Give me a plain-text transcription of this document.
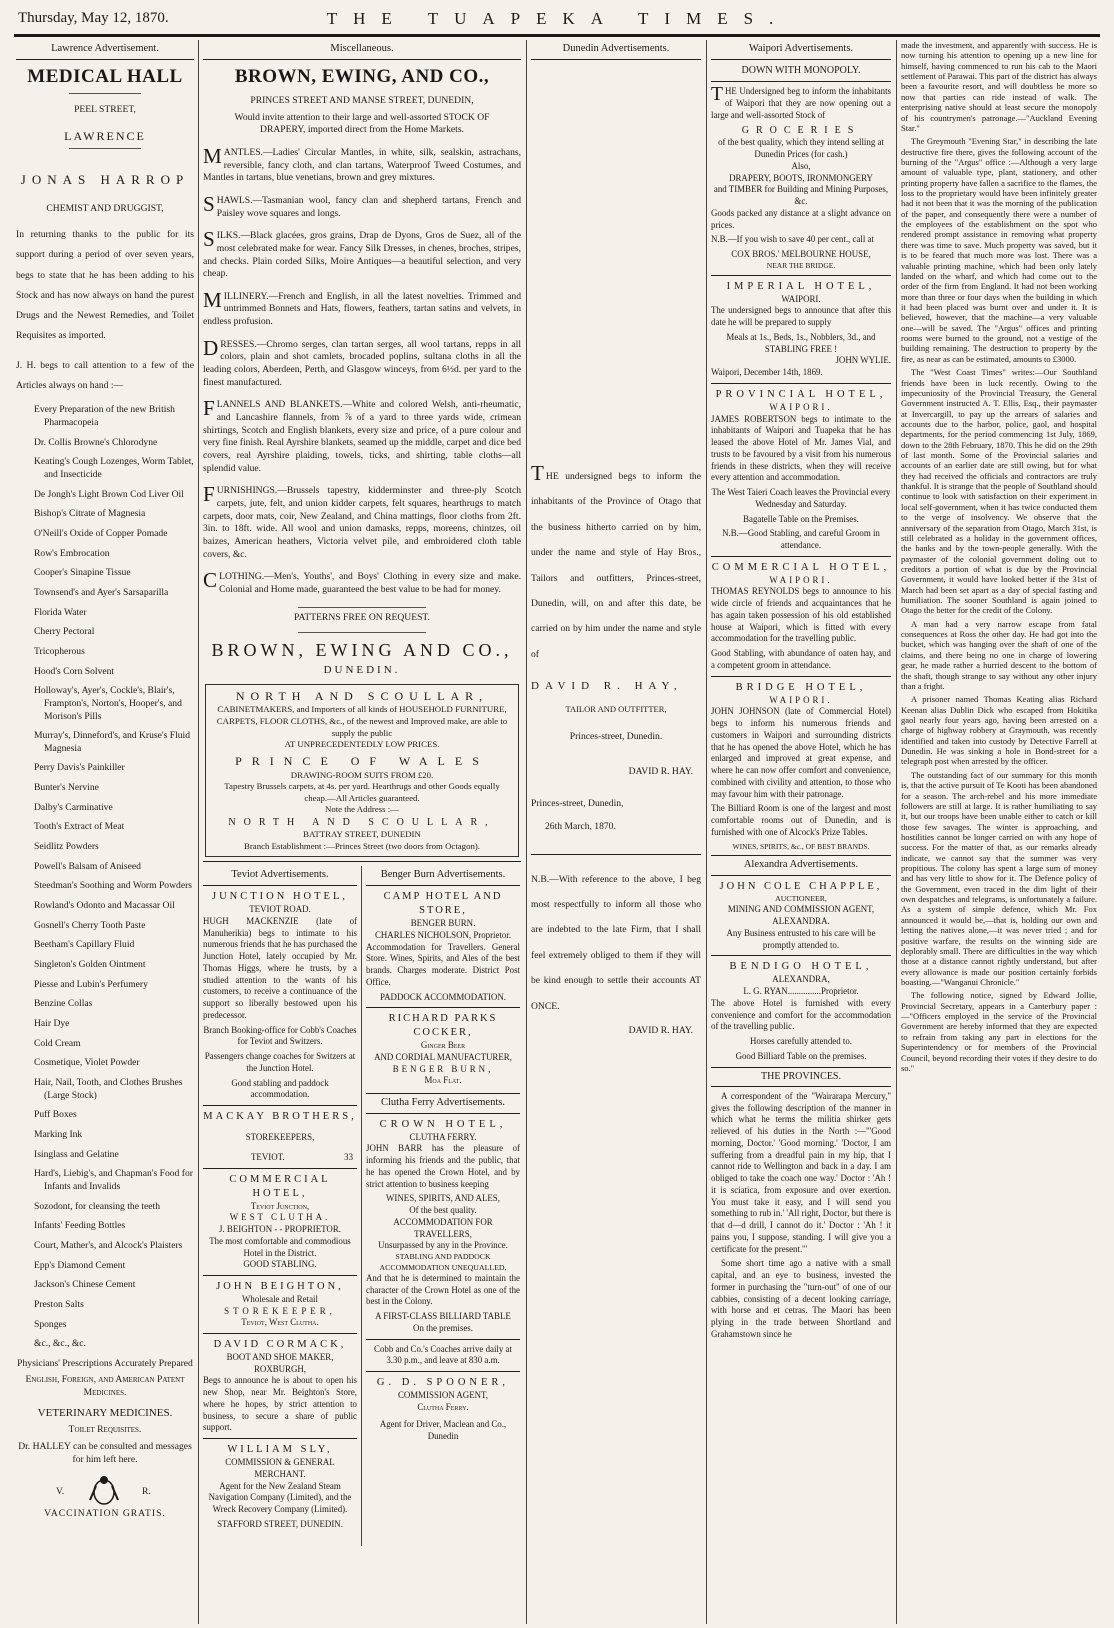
Thursday, May 12, 1870.	THE TUAPEKA TIMES.
Lawrence Advertisement.
MEDICAL HALL
PEEL STREET,
LAWRENCE
JONAS HARROP
CHEMIST AND DRUGGIST,

In returning thanks to the public for its support during a period of over seven years, begs to state that he has been adding to his Stock and has now always on hand the purest Drugs and the Newest Remedies, and Toilet Requisites as imported.

J. H. begs to call attention to a few of the Articles always on hand :—

Every Preparation of the new British Pharmacopeia

Dr. Collis Browne's Chlorodyne

Keating's Cough Lozenges, Worm Tablet, and Insecticide

De Jongh's Light Brown Cod Liver Oil

Bishop's Citrate of Magnesia

O'Neill's Oxide of Copper Pomade

Row's Embrocation

Cooper's Sinapine Tissue

Townsend's and Ayer's Sarsaparilla

Florida Water

Cherry Pectoral

Tricopherous

Hood's Corn Solvent

Holloway's, Ayer's, Cockle's, Blair's, Frampton's, Norton's, Hooper's, and Morison's Pills

Murray's, Dinneford's, and Kruse's Fluid Magnesia

Perry Davis's Painkiller

Bunter's Nervine

Dalby's Carminative

Tooth's Extract of Meat

Seidlitz Powders

Powell's Balsam of Aniseed

Steedman's Soothing and Worm Powders

Rowland's Odonto and Macassar Oil

Gosnell's Cherry Tooth Paste

Beetham's Capillary Fluid

Singleton's Golden Ointment

Piesse and Lubin's Perfumery

Benzine Collas

Hair Dye

Cold Cream

Cosmetique, Violet Powder

Hair, Nail, Tooth, and Clothes Brushes (Large Stock)

Puff Boxes

Marking Ink

Isinglass and Gelatine

Hard's, Liebig's, and Chapman's Food for Infants and Invalids

Sozodont, for cleansing the teeth

Infants' Feeding Bottles

Court, Mather's, and Alcock's Plaisters

Epp's Diamond Cement

Jackson's Chinese Cement

Preston Salts

Sponges

&c., &c., &c.

Physicians' Prescriptions Accurately Prepared
English, Foreign, and American Patent Medicines.
VETERINARY MEDICINES.
Toilet Requisites.
Dr. HALLEY can be consulted and messages for him left here.
V.	R.
VACCINATION GRATIS.
Miscellaneous.
BROWN, EWING, AND CO.,
PRINCES STREET AND MANSE STREET, DUNEDIN,
Would invite attention to their large and well-assorted STOCK OF DRAPERY, imported direct from the Home Markets.

MANTLES.—Ladies' Circular Mantles, in white, silk, sealskin, astrachans, reversible, fancy cloth, and clan tartans, Waterproof Tweed Costumes, and Mantles in tartans, blue venetians, brown and grey mixtures.

SHAWLS.—Tasmanian wool, fancy clan and shepherd tartans, French and Paisley wove squares and longs.

SILKS.—Black glacées, gros grains, Drap de Dyons, Gros de Suez, all of the most celebrated make for wear. Fancy Silk Dresses, in chenes, broches, stripes, and checks. Plain corded Silks, Moire Antiques—a beautiful selection, and very cheap.

MILLINERY.—French and English, in all the latest novelties. Trimmed and untrimmed Bonnets and Hats, flowers, feathers, tartan satins and velvets, in endless profusion.

DRESSES.—Chromo serges, clan tartan serges, all wool tartans, repps in all colors, plain and shot camlets, brocaded poplins, sultana cloths in all the leading colors, Aberdeen, Perth, and Glasgow winceys, from 6½d. per yard to the finest manufactured.

FLANNELS AND BLANKETS.—White and colored Welsh, anti-rheumatic, and Lancashire flannels, from ⅞ of a yard to three yards wide, crimean shirtings, Scotch and English blankets, every size and price, of a pure colour and very fine finish. Real Ayrshire blankets, seamed up the middle, carpet and dice bed covers, real Ayrshire plaiding, towels, ticks, and shirting, table cloths—all splendid value.

FURNISHINGS.—Brussels tapestry, kidderminster and three-ply Scotch carpets, jute, felt, and union kidder carpets, felt squares, hearthrugs to match carpets, door mats, coir, New Zealand, and China mattings, floor cloths from 2ft. 3in. to 18ft. wide. All wool and union damasks, repps, moreens, chintzes, oil baizes, American heathers, Victoria velvet pile, and embroidered cloth table covers, &c.

CLOTHING.—Men's, Youths', and Boys' Clothing in every size and make. Colonial and Home made, guaranteed the best value to be had for money.

PATTERNS FREE ON REQUEST.
BROWN, EWING AND CO.,
DUNEDIN.
NORTH AND SCOULLAR,
CABINETMAKERS, and Importers of all kinds of HOUSEHOLD FURNITURE, CARPETS, FLOOR CLOTHS, &c., of the newest and Improved make, are able to supply the public
AT UNPRECEDENTEDLY LOW PRICES.
PRINCE OF WALES
DRAWING-ROOM SUITS FROM £20.
Tapestry Brussels carpets, at 4s. per yard. Hearthrugs and other Goods equally cheap.—All Articles guaranteed.
Note the Address :—
NORTH AND SCOULLAR,
BATTRAY STREET, DUNEDIN
Branch Establishment :—Princes Street (two doors from Octagon).
Teviot Advertisements.
JUNCTION HOTEL,
TEVIOT ROAD.

HUGH MACKENZIE (late of Manuherikia) begs to intimate to his numerous friends that he has purchased the Junction Hotel, lately occupied by Mr. Thomas Higgs, where he trusts, by a studied attention to the wants of his customers, to receive a continuance of the support so liberally bestowed upon his predecessor.

Branch Booking-office for Cobb's Coaches for Teviot and Switzers.

Passengers change coaches for Switzers at the Junction Hotel.

Good stabling and paddock accommodation.

MACKAY BROTHERS,
STOREKEEPERS,
TEVIOT.	33
COMMERCIAL HOTEL,
Teviot Junction,
WEST CLUTHA.
J. BEIGHTON - - PROPRIETOR.
The most comfortable and commodious Hotel in the District.
GOOD STABLING.
JOHN BEIGHTON,
Wholesale and Retail
STOREKEEPER,
Teviot, West Clutha.
DAVID CORMACK,
BOOT AND SHOE MAKER,
ROXBURGH,

Begs to announce he is about to open his new Shop, near Mr. Beighton's Store, where he hopes, by strict attention to business, to secure a share of public support.

WILLIAM SLY,
COMMISSION & GENERAL MERCHANT.

Agent for the New Zealand Steam Navigation Company (Limited), and the Wreck Recovery Company (Limited).

STAFFORD STREET, DUNEDIN.
Benger Burn Advertisements.
CAMP HOTEL AND STORE,
BENGER BURN.
CHARLES NICHOLSON, Proprietor.

Accommodation for Travellers. General Store. Wines, Spirits, and Ales of the best brands. Charges moderate. District Post Office.

PADDOCK ACCOMMODATION.
RICHARD PARKS COCKER,
Ginger Beer
AND CORDIAL MANUFACTURER,
BENGER BURN,
Moa Flat.
Clutha Ferry Advertisements.
CROWN HOTEL,
CLUTHA FERRY.

JOHN BARR has the pleasure of informing his friends and the public, that he has opened the Crown Hotel, and by strict attention to business keeping

WINES, SPIRITS, AND ALES,
Of the best quality.
ACCOMMODATION FOR TRAVELLERS,
Unsurpassed by any in the Province.
STABLING AND PADDOCK ACCOMMODATION UNEQUALLED,

And that he is determined to maintain the character of the Crown Hotel as one of the best in the Colony.

A FIRST-CLASS BILLIARD TABLE
On the premises.

Cobb and Co.'s Coaches arrive daily at 3.30 p.m., and leave at 830 a.m.

G. D. SPOONER,
COMMISSION AGENT,
Clutha Ferry.
Agent for Driver, Maclean and Co., Dunedin
Dunedin Advertisements.

THE undersigned begs to inform the inhabitants of the Province of Otago that the business hitherto carried on by him, under the name and style of Hay Bros., Tailors and outfitters, Princes-street, Dunedin, will, on and after this date, be carried on by him under the name and style of

DAVID R. HAY,
TAILOR AND OUTFITTER,
Princes-street, Dunedin.
DAVID R. HAY.
Princes-street, Dunedin,
26th March, 1870.

N.B.—With reference to the above, I beg most respectfully to inform all those who are indebted to the late Firm, that I shall feel extremely obliged to them if they will be kind enough to settle their accounts AT ONCE.

DAVID R. HAY.
Waipori Advertisements.
DOWN WITH MONOPOLY.

THE Undersigned beg to inform the inhabitants of Waipori that they are now opening out a large and well-assorted Stock of

GROCERIES
of the best quality, which they intend selling at Dunedin Prices (for cash.)
Also,
DRAPERY, BOOTS, IRONMONGERY
and TIMBER for Building and Mining Purposes, &c.

Goods packed any distance at a slight advance on prices.

N.B.—If you wish to save 40 per cent., call at

COX BROS.' MELBOURNE HOUSE,
NEAR THE BRIDGE.
IMPERIAL HOTEL,
WAIPORI.

The undersigned begs to announce that after this date he will be prepared to supply

Meals at 1s., Beds, 1s., Nobblers, 3d., and STABLING FREE !
JOHN WYLIE.
Waipori, December 14th, 1869.
PROVINCIAL HOTEL,
WAIPORI.

JAMES ROBERTSON begs to intimate to the inhabitants of Waipori and Tuapeka that he has leased the above Hotel of Mr. James Vial, and trusts to be favoured by a visit from his numerous friends in these districts, when they will receive every attention and accommodation.

The West Taieri Coach leaves the Provincial every Wednesday and Saturday.

Bagatelle Table on the Premises.

N.B.—Good Stabling, and careful Groom in attendance.

COMMERCIAL HOTEL,
WAIPORI.

THOMAS REYNOLDS begs to announce to his wide circle of friends and acquaintances that he has again taken possession of his old established house at Waipori, which is fitted with every accommodation for the travelling public.

Good Stabling, with abundance of oaten hay, and a competent groom in attendance.

BRIDGE HOTEL,
WAIPORI.

JOHN JOHNSON (late of Commercial Hotel) begs to inform his numerous friends and customers in Waipori and surrounding districts that he has opened the above Hotel, which he has enlarged and improved at great expense, and where he can now offer comfort and convenience, combined with civility and attention, to those who may favour him with their patronage.

The Billiard Room is one of the largest and most comfortable rooms out of Dunedin, and is furnished with one of Alcock's Prize Tables.

WINES, SPIRITS, &c., OF BEST BRANDS.
Alexandra Advertisements.
JOHN COLE CHAPPLE,
AUCTIONEER,
MINING AND COMMISSION AGENT,
ALEXANDRA.

Any Business entrusted to his care will be promptly attended to.

BENDIGO HOTEL,
ALEXANDRA,
L. G. RYAN...............Proprietor.

The above Hotel is furnished with every convenience and comfort for the accommodation of the travelling public.

Horses carefully attended to.

Good Billiard Table on the premises.

THE PROVINCES.

A correspondent of the "Wairarapa Mercury," gives the following description of the manner in which what he terms the militia shirker gets relieved of his duties in the North :—"'Good morning, Doctor.' 'Good morning.' 'Doctor, I am suffering from a dreadful pain in my hip, that I cannot ride to Wellington and back in a day. I am obliged to take the coach one way.' Doctor : 'Ah ! it is sciatica, from exposure and over exertion. You must take it easy, and I will send you something to rub in.' 'All right, Doctor, but there is that d—d drill, I cannot do it.' Doctor : 'Ah ! it pains you, I suppose, standing. I will give you a certificate for the present.'"

Some short time ago a native with a small capital, and an eye to business, invested the former in purchasing the "turn-out" of one of our cabbies, consisting of a decent looking carriage, with horse and et cetras. The Maori has been plying in the trade between Shortland and Grahamstown since he

made the investment, and apparently with success. He is now turning his attention to opening up a new line for himself, having commenced to run his cab to the Maori settlement of Parawai. This part of the district has always been a favourite resort, and will doubtless be more so now that parties can ride instead of walk. The enterprising native should at least secure the monopoly of his countrymen's patronage.—"Auckland Evening Star."

The Greymouth "Evening Star," in describing the late destructive fire there, gives the following account of the burning of the "Argus" office :—Although a very large amount of valuable type, plant, stationery, and other printing property have fallen a sacrifice to the flames, the loss to the proprietary would have been infinitely greater had it not been that it was the morning of the publication of the paper, and consequently there were a number of the employees of the establishment on the spot who rendered prompt assistance in removing what property there was time to save. Much property was saved, but it is to be feared that much more was lost. There was a valuable printing machine, which had been only lately landed on the wharf, and which had come out to the order of the firm from England. It had not been working more than three or four days when the building in which it had been placed was burnt over and under it. It is believed, however, that the machine—a very valuable one—will be saved. The "Argus" offices and printing rooms were burned to the ground, not a vestige of the building remaining. The destruction to property by the fire, as near as can be estimated, amounts to £3000.

The "West Coast Times" writes:—Our Southland friends have been in luck recently. Owing to the impecuniosity of the Provincial Treasury, the General Government instructed A. T. Ellis, Esq., their paymaster at Invercargill, to pay up the arrears of salaries and accounts due to the harbor, police, gaol, and hospital departments, for the period commencing 1st July, 1869, down to the 28th February, 1870. This he did on the 29th of last month. Some of the Provincial salaries and accounts of an earlier date are still owing, but for what they had received the officials and contractors are truly thankful. It is strange that the people of Southland should continue to look with satisfaction on their experiment in local self-government, when it has twice conducted them to the verge of insolvency. We observe that the anniversary of the separation from Otago, March 31st, is still celebrated as a holiday in the government offices, the banks and by the town-people generally. With the paymaster of the colonial government doling out to creditors a portion of what is due by the Provincial Government, it would have looked better if the 31st of March had been set apart as a day of special fasting and humiliation. The sooner Southland is again joined to Otago the better for the credit of the Colony.

A man had a very narrow escape from fatal consequences at Ross the other day. He had got into the bucket, which was hanging over the shaft of one of the claims, and there being no one in charge of lowering gear, he made rather a hurried descent to the bottom of the shaft, though strange to say without any other injury than a fright.

A prisoner named Thomas Keating alias Richard Keenan alias Dublin Dick who escaped from Hokitika gaol nearly four years ago, having been arrested on a charge of highway robbery at Graymouth, was recently identified and taken into custody by Detective Farrell at Dunedin. He was sinking a hole in Bond-street for a telegraph post when arrested by the officer.

The outstanding fact of our summary for this month is, that the active pursuit of Te Kooti has been abandoned for a season. The arch-rebel and his more immediate followers are still at large. It is rather humiliating to say it, but our troops have been unable either to catch or kill those few savages. The winter is approaching, and hostilities cannot be longer carried on with any hope of success. For the matter of that, as our remarks already indicate, we cannot say that the summer was very propitious. The colony has spent a large sum of money and has very little to show for it. The Defence policy of the Government, even traced in the dim light of their own despatches and telegrams, is unfortunately a failure. As a system of simple defence, which Mr. Fox announced it would be,—that is, holding our own and letting the natives alone,—it was never tried ; and for positive warfare, the results on the winning side are deplorably small. There are difficulties in the way which those at a distance cannot rightly understand, but after every allowance is made our position certainly forbids boasting.—"Wanganui Chronicle."

The following notice, signed by Edward Jollie, Provincial Secretary, appears in a Canterbury paper :—"Officers employed in the service of the Provincial Government are hereby informed that they are expected to refrain from taking any part in elections for the Superintendency or for members of the Provincial Council, beyond recording their votes if they desire to do so."
